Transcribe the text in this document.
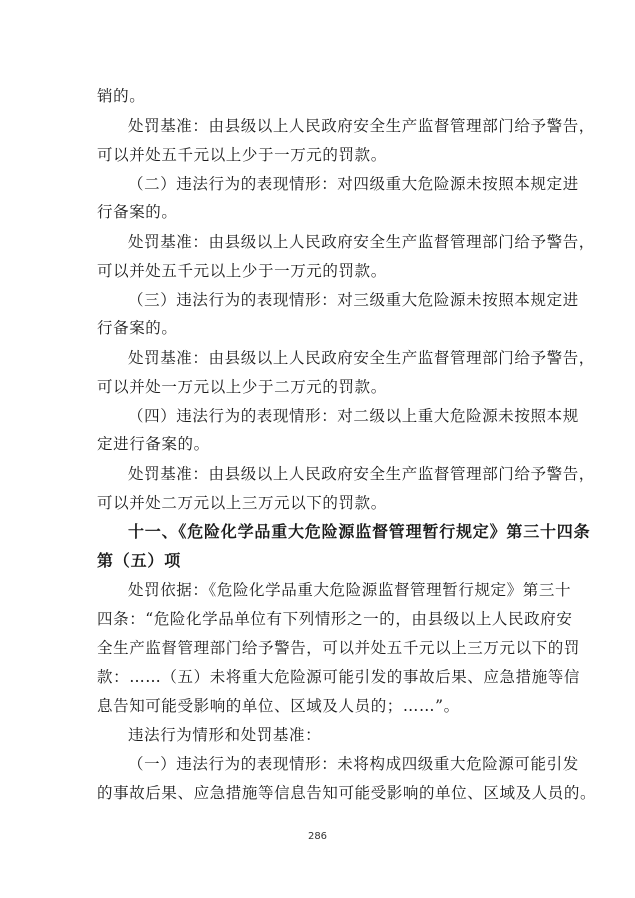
销的。
处罚基准：由县级以上人民政府安全生产监督管理部门给予警告，
可以并处五千元以上少于一万元的罚款。
（二）违法行为的表现情形：对四级重大危险源未按照本规定进
行备案的。
处罚基准：由县级以上人民政府安全生产监督管理部门给予警告，
可以并处五千元以上少于一万元的罚款。
（三）违法行为的表现情形：对三级重大危险源未按照本规定进
行备案的。
处罚基准：由县级以上人民政府安全生产监督管理部门给予警告，
可以并处一万元以上少于二万元的罚款。
（四）违法行为的表现情形：对二级以上重大危险源未按照本规
定进行备案的。
处罚基准：由县级以上人民政府安全生产监督管理部门给予警告，
可以并处二万元以上三万元以下的罚款。
十一、《危险化学品重大危险源监督管理暂行规定》第三十四条
第（五）项
处罚依据：《危险化学品重大危险源监督管理暂行规定》第三十
四条：“危险化学品单位有下列情形之一的，由县级以上人民政府安
全生产监督管理部门给予警告，可以并处五千元以上三万元以下的罚
款：……（五）未将重大危险源可能引发的事故后果、应急措施等信
息告知可能受影响的单位、区域及人员的；……”。
违法行为情形和处罚基准：
（一）违法行为的表现情形：未将构成四级重大危险源可能引发
的事故后果、应急措施等信息告知可能受影响的单位、区域及人员的。
286
